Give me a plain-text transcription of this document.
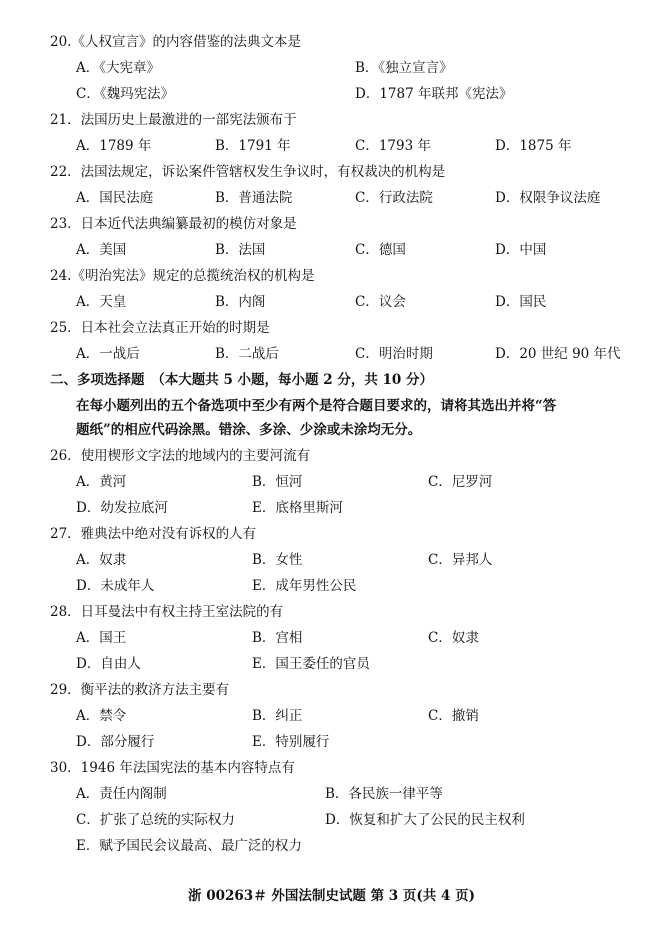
20.《人权宣言》的内容借鉴的法典文本是
A．《大宪章》	B．《独立宣言》
C．《魏玛宪法》	D．1787 年联邦《宪法》
21．法国历史上最激进的一部宪法颁布于
A．1789 年	B．1791 年	C．1793 年	D．1875 年
22．法国法规定，诉讼案件管辖权发生争议时，有权裁决的机构是
A．国民法庭	B．普通法院	C．行政法院	D．权限争议法庭
23．日本近代法典编纂最初的模仿对象是
A．美国	B．法国	C．德国	D．中国
24.《明治宪法》规定的总揽统治权的机构是
A．天皇	B．内阁	C．议会	D．国民
25．日本社会立法真正开始的时期是
A．一战后	B．二战后	C．明治时期	D．20 世纪 90 年代
二、多项选择题　（本大题共 5 小题，每小题 2 分，共 10 分）
在每小题列出的五个备选项中至少有两个是符合题目要求的，请将其选出并将“答
题纸”的相应代码涂黑。错涂、多涂、少涂或未涂均无分。
26．使用楔形文字法的地域内的主要河流有
A．黄河	B．恒河	C．尼罗河
D．幼发拉底河	E．底格里斯河
27．雅典法中绝对没有诉权的人有
A．奴隶	B．女性	C．异邦人
D．未成年人	E．成年男性公民
28．日耳曼法中有权主持王室法院的有
A．国王	B．宫相	C．奴隶
D．自由人	E．国王委任的官员
29．衡平法的救济方法主要有
A．禁令	B．纠正	C．撤销
D．部分履行	E．特别履行
30．1946 年法国宪法的基本内容特点有
A．责任内阁制	B．各民族一律平等
C．扩张了总统的实际权力	D．恢复和扩大了公民的民主权利
E．赋予国民会议最高、最广泛的权力
浙 00263＃ 外国法制史试题 第 3 页(共 4 页)
